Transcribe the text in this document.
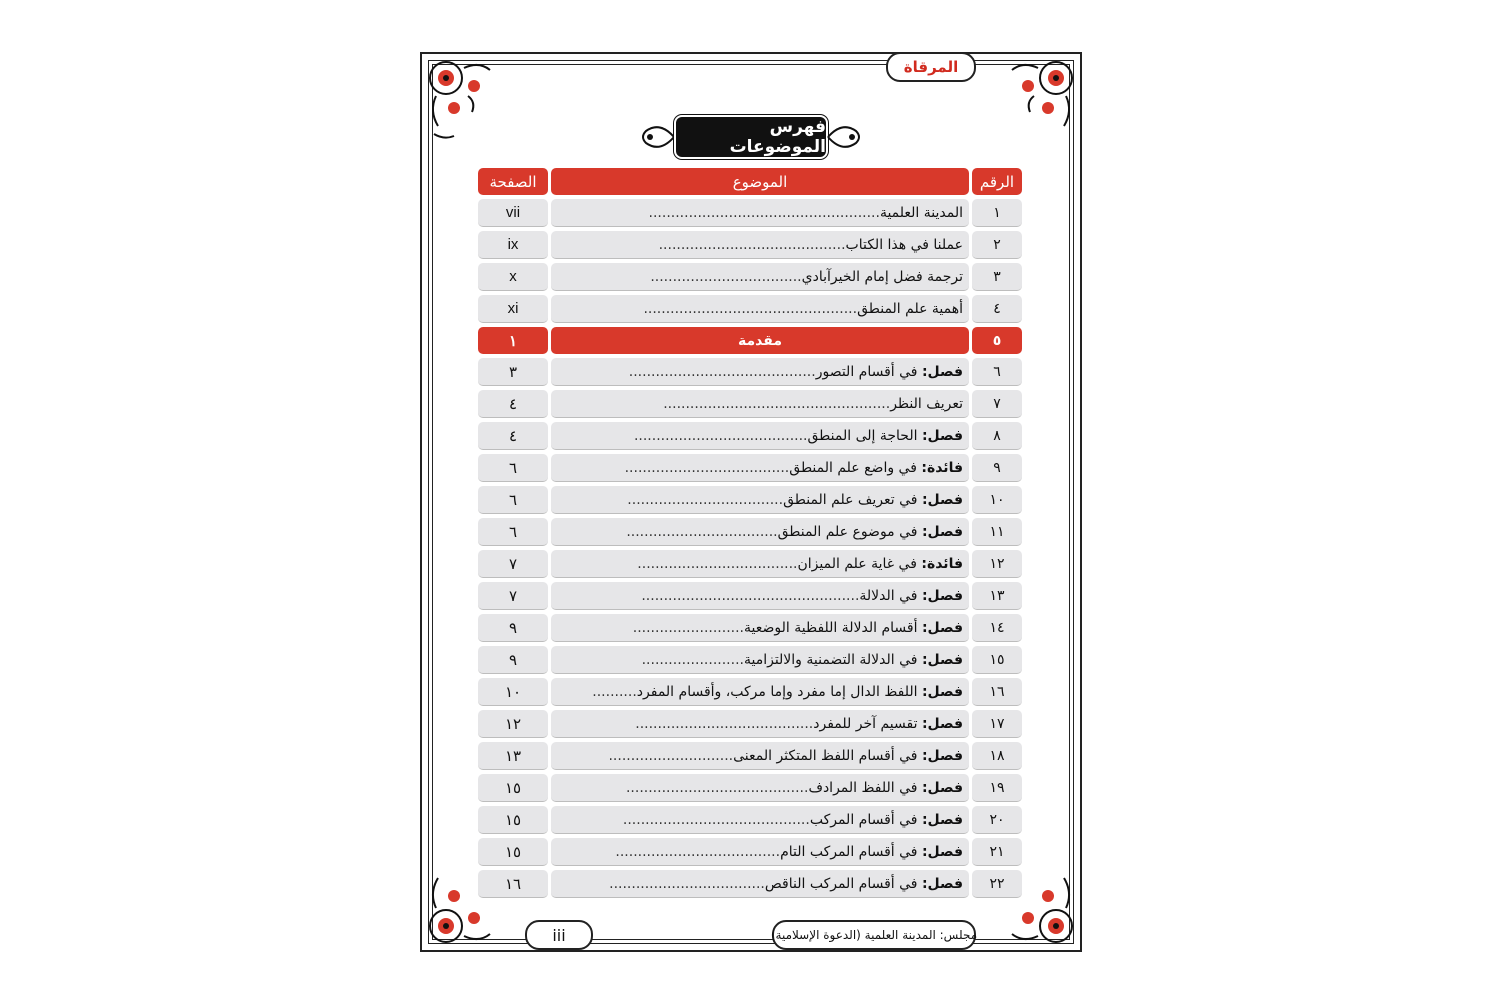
المرقاة
فهرس الموضوعات
الرقم	الموضوع	الصفحة
١	المدينة العلمية....................................................	vii
٢	عملنا في هذا الكتاب..........................................	ix
٣	ترجمة فضل إمام الخيرآبادي..................................	x
٤	أهمية علم المنطق................................................	xi
٥	مقدمة	١
٦	فصل: في أقسام التصور..........................................	٣
٧	تعريف النظر...................................................	٤
٨	فصل: الحاجة إلى المنطق.......................................	٤
٩	فائدة: في واضع علم المنطق.....................................	٦
١٠	فصل: في تعريف علم المنطق...................................	٦
١١	فصل: في موضوع علم المنطق..................................	٦
١٢	فائدة: في غاية علم الميزان....................................	٧
١٣	فصل: في الدلالة.................................................	٧
١٤	فصل: أقسام الدلالة اللفظية الوضعية.........................	٩
١٥	فصل: في الدلالة التضمنية والالتزامية.......................	٩
١٦	فصل: اللفظ الدال إما مفرد وإما مركب، وأقسام المفرد..........	١٠
١٧	فصل: تقسيم آخر للمفرد........................................	١٢
١٨	فصل: في أقسام اللفظ المتكثر المعنى............................	١٣
١٩	فصل: في اللفظ المرادف.........................................	١٥
٢٠	فصل: في أقسام المركب..........................................	١٥
٢١	فصل: في أقسام المركب التام.....................................	١٥
٢٢	فصل: في أقسام المركب الناقص...................................	١٦
iii	مجلس: المدينة العلمية (الدعوة الإسلامية)
